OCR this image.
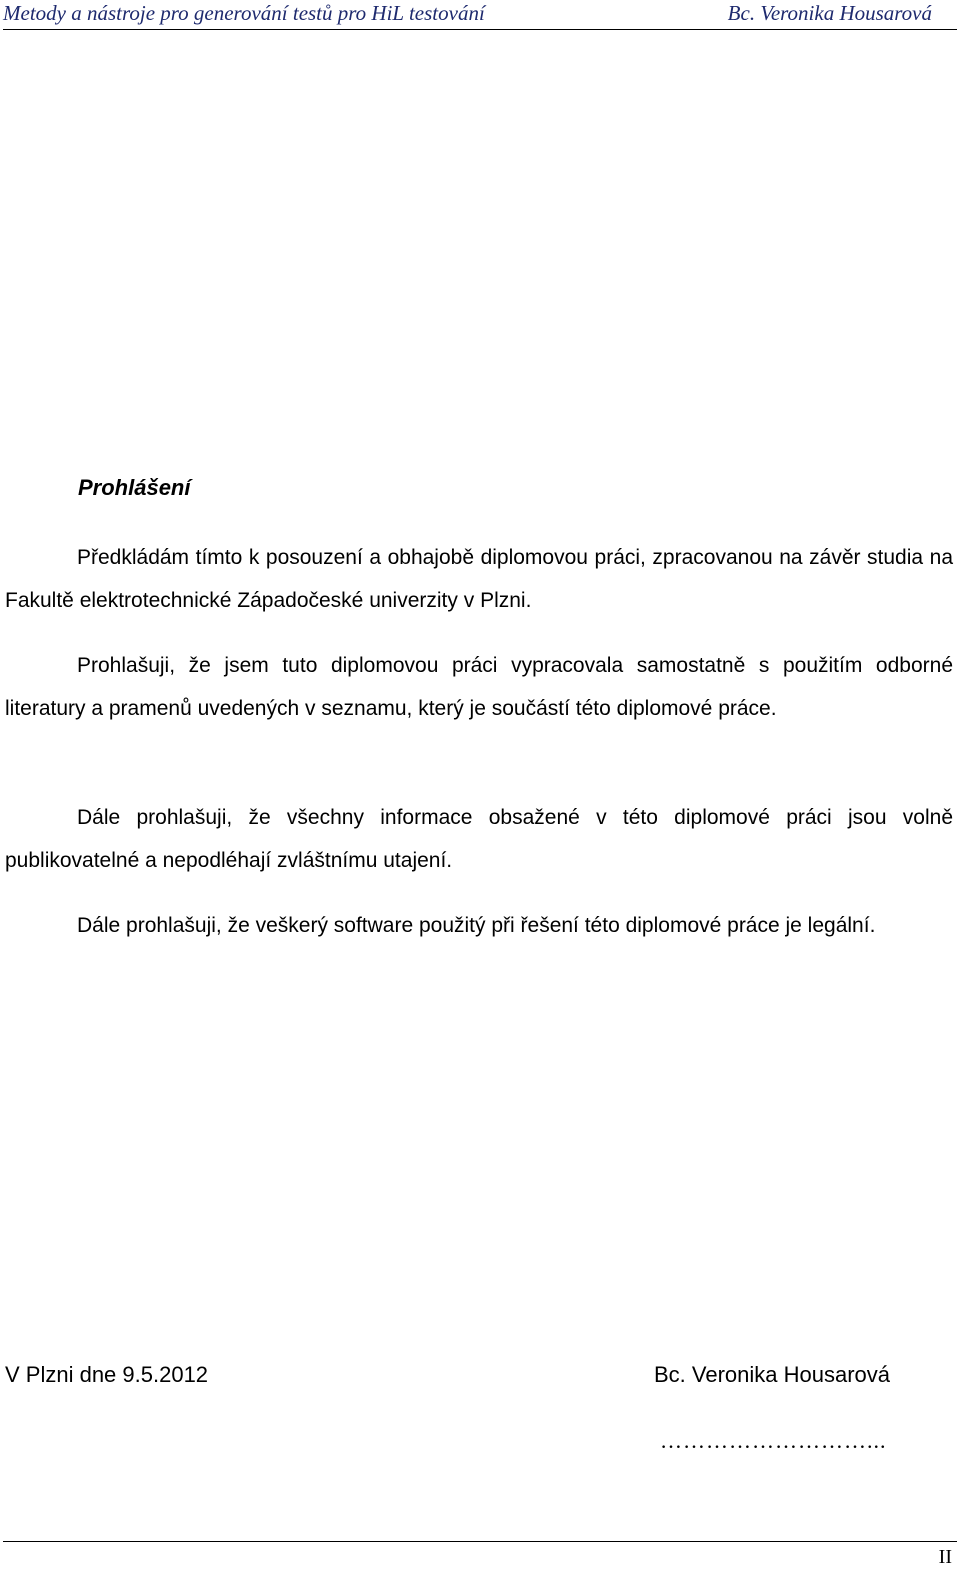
Metody a nástroje pro generování testů pro HiL testování	Bc. Veronika Housarová
Prohlášení

Předkládám tímto k posouzení a obhajobě diplomovou práci, zpracovanou na závěr studia na Fakultě elektrotechnické Západočeské univerzity v Plzni.

Prohlašuji, že jsem tuto diplomovou práci vypracovala samostatně s použitím odborné literatury a pramenů uvedených v seznamu, který je součástí této diplomové práce.

Dále prohlašuji, že všechny informace obsažené v této diplomové práci jsou volně publikovatelné a nepodléhají zvláštnímu utajení.

Dále prohlašuji, že veškerý software použitý při řešení této diplomové práce je legální.

V Plzni dne 9.5.2012	Bc. Veronika Housarová
………………………...
II
